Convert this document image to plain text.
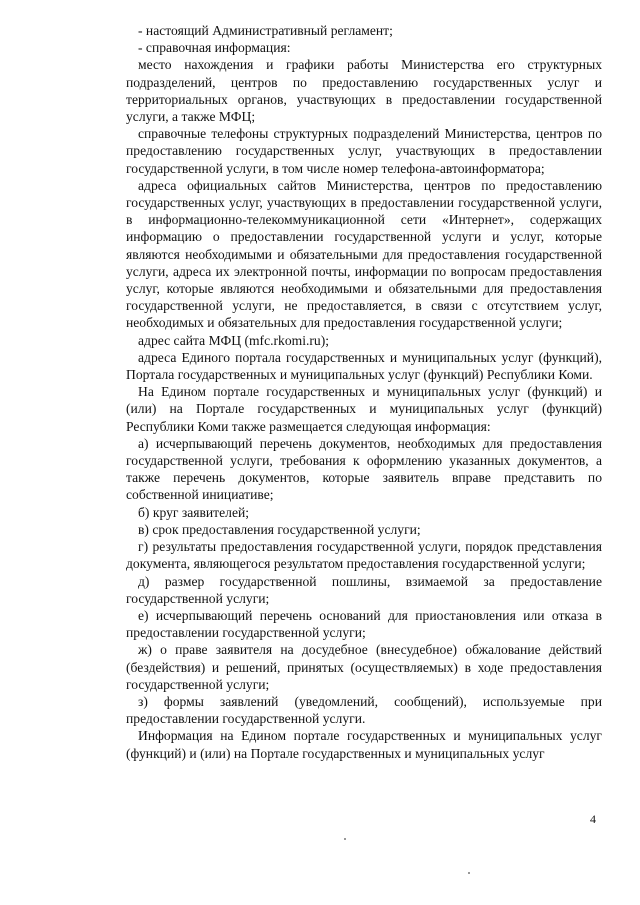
- настоящий Административный регламент;

- справочная информация:

место нахождения и графики работы Министерства его структурных подразделений, центров по предоставлению государственных услуг и территориальных органов, участвующих в предоставлении государственной услуги, а также МФЦ;

справочные телефоны структурных подразделений Министерства, центров по предоставлению государственных услуг, участвующих в предоставлении государственной услуги, в том числе номер телефона-автоинформатора;

адреса официальных сайтов Министерства, центров по предоставлению государственных услуг, участвующих в предоставлении государственной услуги, в информационно-телекоммуникационной сети «Интернет», содержащих информацию о предоставлении государственной услуги и услуг, которые являются необходимыми и обязательными для предоставления государственной услуги, адреса их электронной почты, информации по вопросам предоставления услуг, которые являются необходимыми и обязательными для предоставления государственной услуги, не предоставляется, в связи с отсутствием услуг, необходимых и обязательных для предоставления государственной услуги;

адрес сайта МФЦ (mfc.rkomi.ru);

адреса Единого портала государственных и муниципальных услуг (функций), Портала государственных и муниципальных услуг (функций) Республики Коми.

На Едином портале государственных и муниципальных услуг (функций) и (или) на Портале государственных и муниципальных услуг (функций) Республики Коми также размещается следующая информация:

а) исчерпывающий перечень документов, необходимых для предоставления государственной услуги, требования к оформлению указанных документов, а также перечень документов, которые заявитель вправе представить по собственной инициативе;

б) круг заявителей;

в) срок предоставления государственной услуги;

г) результаты предоставления государственной услуги, порядок представления документа, являющегося результатом предоставления государственной услуги;

д) размер государственной пошлины, взимаемой за предоставление государственной услуги;

е) исчерпывающий перечень оснований для приостановления или отказа в предоставлении государственной услуги;

ж) о праве заявителя на досудебное (внесудебное) обжалование действий (бездействия) и решений, принятых (осуществляемых) в ходе предоставления государственной услуги;

з) формы заявлений (уведомлений, сообщений), используемые при предоставлении государственной услуги.

Информация на Едином портале государственных и муниципальных услуг (функций) и (или) на Портале государственных и муниципальных услуг

4
